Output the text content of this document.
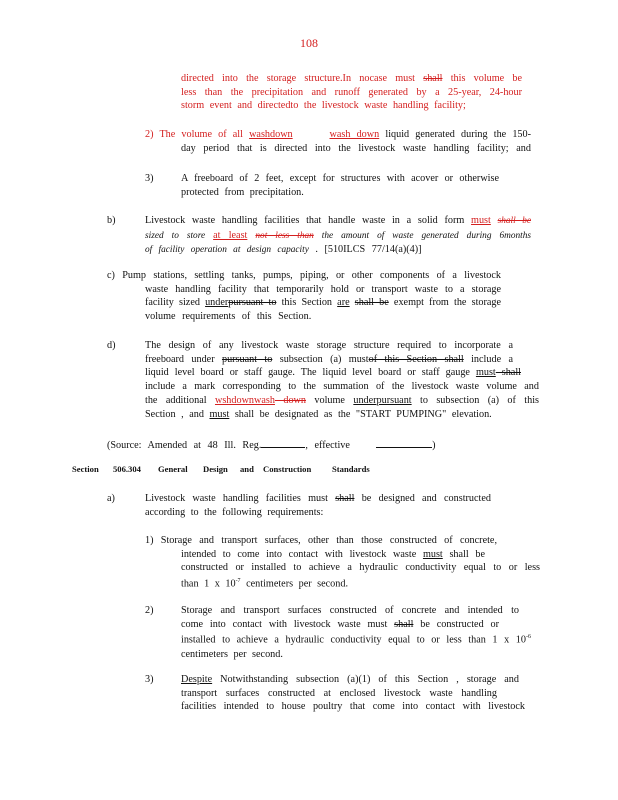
108
directed into the storage structure.In nocase must shall this volume be
less than the precipitation and runoff generated by a 25-year, 24-hour
storm event and directedto the livestock waste handling facility;
2) The volume of all washdown	wash down liquid generated during the 150-
day period that is directed into the livestock waste handling facility; and
3)	A freeboard of 2 feet, except for structures with acover or otherwise
protected from precipitation.
b)	Livestock waste handling facilities that handle waste in a solid form must shall be
sized to store at least not less than the amount of waste generated during 6months
of facility operation at design capacity . [510ILCS 77/14(a)(4)]
c) Pump stations, settling tanks, pumps, piping, or other components of a livestock
waste handling facility that temporarily hold or transport waste to a storage
facility sized underpursuant to this Section are shall be exempt from the storage
volume requirements of this Section.
d)	The design of any livestock waste storage structure required to incorporate a
freeboard under pursuant to subsection (a) mustof this Section shall include a
liquid level board or staff gauge. The liquid level board or staff gauge must shall
include a mark corresponding to the summation of the livestock waste volume and
the additional wshdownwash down volume underpursuant to subsection (a) of this
Section , and must shall be designated as the "START PUMPING" elevation.
(Source: Amended at 48 Ill. Reg.	, effective	)
Section 506.304 General Design and Construction Standards
a)	Livestock waste handling facilities must shall be designed and constructed
according to the following requirements:
1) Storage and transport surfaces, other than those constructed of concrete,
intended to come into contact with livestock waste must shall be
constructed or installed to achieve a hydraulic conductivity equal to or less
than 1 x $10^{-7}$ centimeters per second.
2)	Storage and transport surfaces constructed of concrete and intended to
come into contact with livestock waste must shall be constructed or
installed to achieve a hydraulic conductivity equal to or less than 1 x $10^{-6}$
centimeters per second.
3)	Despite Notwithstanding subsection (a)(1) of this Section , storage and
transport surfaces constructed at enclosed livestock waste handling
facilities intended to house poultry that come into contact with livestock
